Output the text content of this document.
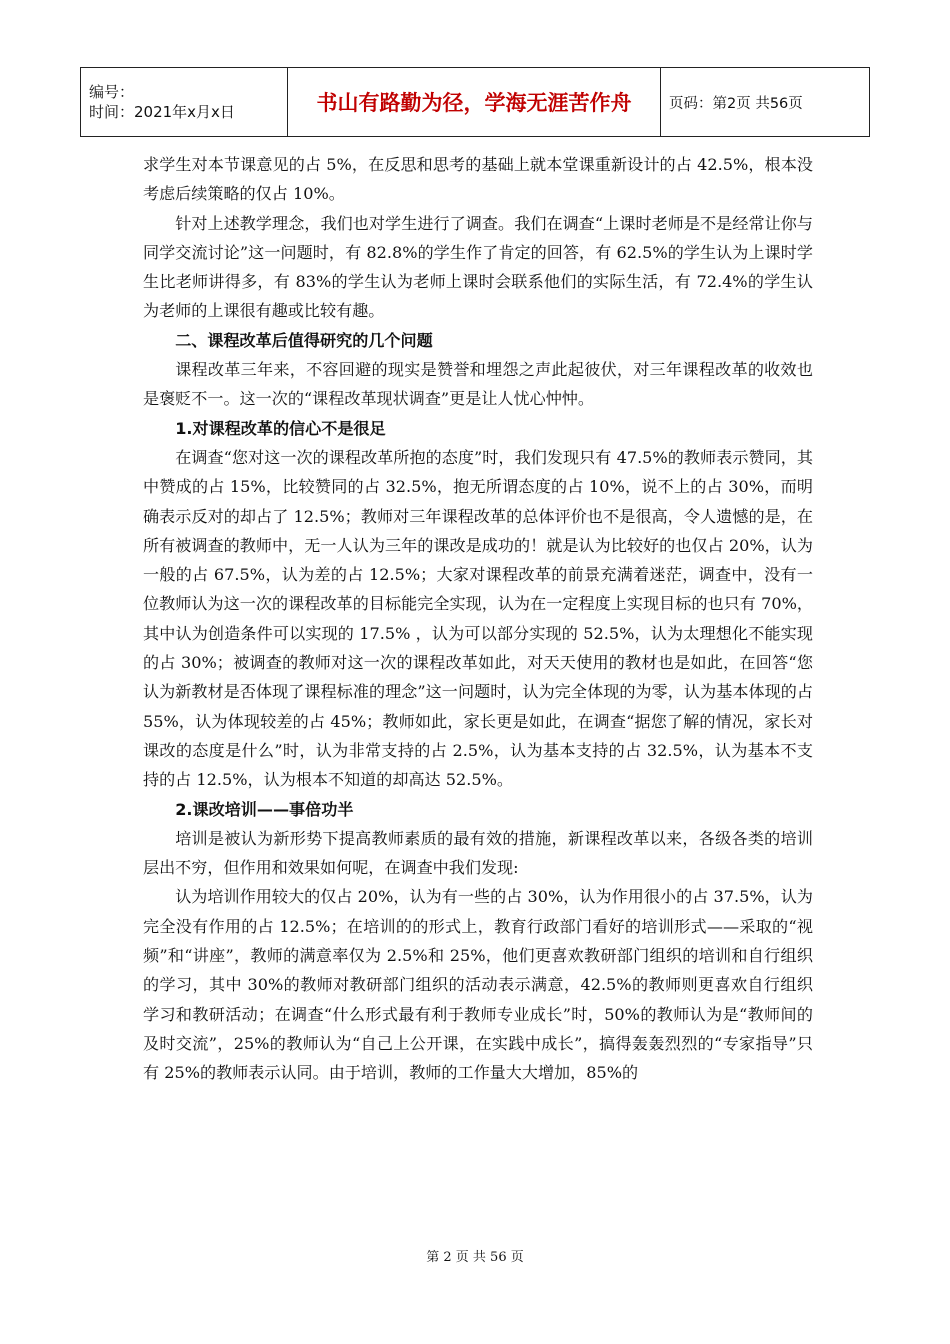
编号：
时间：2021年x月x日	书山有路勤为径，学海无涯苦作舟	页码：第2页 共56页

求学生对本节课意见的占 5%，在反思和思考的基础上就本堂课重新设计的占 42.5%，根本没考虑后续策略的仅占 10%。

针对上述教学理念，我们也对学生进行了调查。我们在调查“上课时老师是不是经常让你与同学交流讨论”这一问题时，有 82.8%的学生作了肯定的回答，有 62.5%的学生认为上课时学生比老师讲得多，有 83%的学生认为老师上课时会联系他们的实际生活，有 72.4%的学生认为老师的上课很有趣或比较有趣。

二、课程改革后值得研究的几个问题

课程改革三年来，不容回避的现实是赞誉和埋怨之声此起彼伏，对三年课程改革的收效也是褒贬不一。这一次的“课程改革现状调查”更是让人忧心忡忡。

1.对课程改革的信心不是很足

在调查“您对这一次的课程改革所抱的态度”时，我们发现只有 47.5%的教师表示赞同，其中赞成的占 15%，比较赞同的占 32.5%，抱无所谓态度的占 10%，说不上的占 30%，而明确表示反对的却占了 12.5%；教师对三年课程改革的总体评价也不是很高，令人遗憾的是，在所有被调查的教师中，无一人认为三年的课改是成功的！就是认为比较好的也仅占 20%，认为一般的占 67.5%，认为差的占 12.5%；大家对课程改革的前景充满着迷茫，调查中，没有一位教师认为这一次的课程改革的目标能完全实现，认为在一定程度上实现目标的也只有 70%，其中认为创造条件可以实现的 17.5% ，认为可以部分实现的 52.5%，认为太理想化不能实现的占 30%；被调查的教师对这一次的课程改革如此，对天天使用的教材也是如此，在回答“您认为新教材是否体现了课程标准的理念”这一问题时，认为完全体现的为零，认为基本体现的占 55%，认为体现较差的占 45%；教师如此，家长更是如此，在调查“据您了解的情况，家长对课改的态度是什么”时，认为非常支持的占 2.5%，认为基本支持的占 32.5%，认为基本不支持的占 12.5%，认为根本不知道的却高达 52.5%。

2.课改培训——事倍功半

培训是被认为新形势下提高教师素质的最有效的措施，新课程改革以来，各级各类的培训层出不穷，但作用和效果如何呢，在调查中我们发现:

认为培训作用较大的仅占 20%，认为有一些的占 30%，认为作用很小的占 37.5%，认为完全没有作用的占 12.5%；在培训的的形式上，教育行政部门看好的培训形式——采取的“视频”和“讲座”，教师的满意率仅为 2.5%和 25%，他们更喜欢教研部门组织的培训和自行组织的学习，其中 30%的教师对教研部门组织的活动表示满意，42.5%的教师则更喜欢自行组织学习和教研活动；在调查“什么形式最有利于教师专业成长”时，50%的教师认为是“教师间的及时交流”，25%的教师认为“自己上公开课，在实践中成长”，搞得轰轰烈烈的“专家指导”只有 25%的教师表示认同。由于培训，教师的工作量大大增加，85%的

第 2 页 共 56 页
